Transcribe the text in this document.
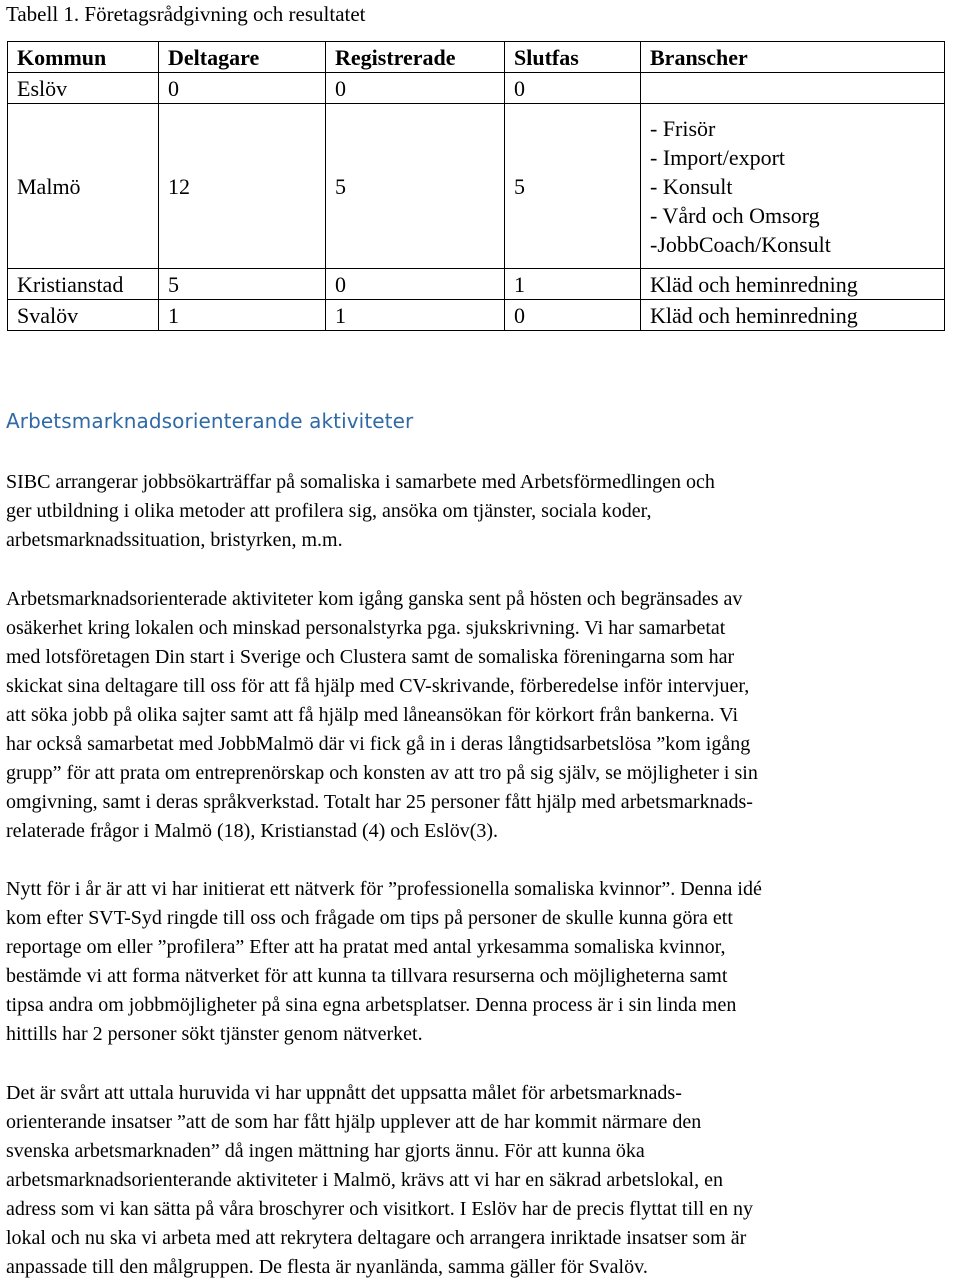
Tabell 1. Företagsrådgivning och resultatet
Kommun	Deltagare	Registrerade	Slutfas	Branscher
Eslöv	0	0	0	
Malmö	12	5	5	- Frisör
- Import/export
- Konsult
- Vård och Omsorg
-JobbCoach/Konsult

Kristianstad	5	0	1	Kläd och heminredning
Svalöv	1	1	0	Kläd och heminredning
Arbetsmarknadsorienterande aktiviteter
SIBC arrangerar jobbsökarträffar på somaliska i samarbete med Arbetsförmedlingen och
ger utbildning i olika metoder att profilera sig, ansöka om tjänster, sociala koder,
arbetsmarknadssituation, bristyrken, m.m.
Arbetsmarknadsorienterade aktiviteter kom igång ganska sent på hösten och begränsades av
osäkerhet kring lokalen och minskad personalstyrka pga. sjukskrivning. Vi har samarbetat
med lotsföretagen Din start i Sverige och Clustera samt de somaliska föreningarna som har
skickat sina deltagare till oss för att få hjälp med CV-skrivande, förberedelse inför intervjuer,
att söka jobb på olika sajter samt att få hjälp med låneansökan för körkort från bankerna. Vi
har också samarbetat med JobbMalmö där vi fick gå in i deras långtidsarbetslösa ”kom igång
grupp” för att prata om entreprenörskap och konsten av att tro på sig själv, se möjligheter i sin
omgivning, samt i deras språkverkstad. Totalt har 25 personer fått hjälp med arbetsmarknads-
relaterade frågor i Malmö (18), Kristianstad (4) och Eslöv(3).
Nytt för i år är att vi har initierat ett nätverk för ”professionella somaliska kvinnor”. Denna idé
kom efter SVT-Syd ringde till oss och frågade om tips på personer de skulle kunna göra ett
reportage om eller ”profilera” Efter att ha pratat med antal yrkesamma somaliska kvinnor,
bestämde vi att forma nätverket för att kunna ta tillvara resurserna och möjligheterna samt
tipsa andra om jobbmöjligheter på sina egna arbetsplatser. Denna process är i sin linda men
hittills har 2 personer sökt tjänster genom nätverket.
Det är svårt att uttala huruvida vi har uppnått det uppsatta målet för arbetsmarknads-
orienterande insatser ”att de som har fått hjälp upplever att de har kommit närmare den
svenska arbetsmarknaden” då ingen mättning har gjorts ännu. För att kunna öka
arbetsmarknadsorienterande aktiviteter i Malmö, krävs att vi har en säkrad arbetslokal, en
adress som vi kan sätta på våra broschyrer och visitkort. I Eslöv har de precis flyttat till en ny
lokal och nu ska vi arbeta med att rekrytera deltagare och arrangera inriktade insatser som är
anpassade till den målgruppen. De flesta är nyanlända, samma gäller för Svalöv.
